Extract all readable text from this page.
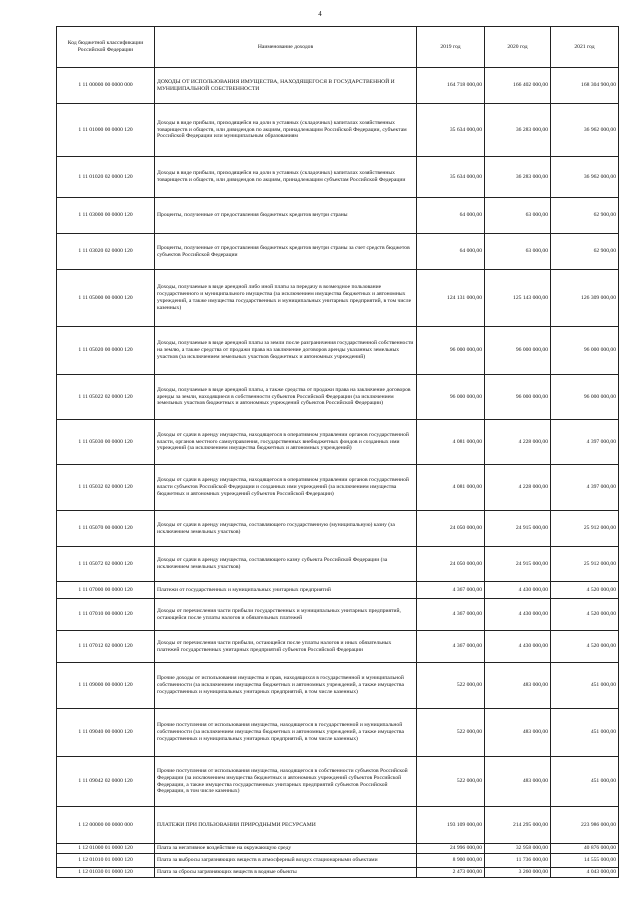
4
Код бюджетной классификации Российской Федерации	Наименование доходов	2019 год	2020 год	2021 год
1 11 00000 00 0000 000	ДОХОДЫ ОТ ИСПОЛЬЗОВАНИЯ ИМУЩЕСТВА, НАХОДЯЩЕГОСЯ В ГОСУДАРСТВЕННОЙ И МУНИЦИПАЛЬНОЙ СОБСТВЕННОСТИ	164 718 000,00	166 402 000,00	168 304 900,00
1 11 01000 00 0000 120	Доходы в виде прибыли, приходящейся на доли в уставных (складочных) капиталах хозяйственных товариществ и обществ, или дивидендов по акциям, принадлежащим Российской Федерации, субъектам Российской Федерации или муниципальным образованиям	35 634 000,00	36 283 000,00	36 962 000,00
1 11 01020 02 0000 120	Доходы в виде прибыли, приходящейся на доли в уставных (складочных) капиталах хозяйственных товариществ и обществ, или дивидендов по акциям, принадлежащим субъектам Российской Федерации	35 634 000,00	36 283 000,00	36 962 000,00
1 11 03000 00 0000 120	Проценты, полученные от предоставления бюджетных кредитов внутри страны	64 000,00	63 000,00	62 900,00
1 11 03020 02 0000 120	Проценты, полученные от предоставления бюджетных кредитов внутри страны за счет средств бюджетов субъектов Российской Федерации	64 000,00	63 000,00	62 900,00
1 11 05000 00 0000 120	Доходы, получаемые в виде арендной либо иной платы за передачу в возмездное пользование государственного и муниципального имущества (за исключением имущества бюджетных и автономных учреждений, а также имущества государственных и муниципальных унитарных предприятий, в том числе казенных)	124 131 000,00	125 143 000,00	126 309 000,00
1 11 05020 00 0000 120	Доходы, получаемые в виде арендной платы за земли после разграничения государственной собственности на землю, а также средства от продажи права на заключение договоров аренды указанных земельных участков (за исключением земельных участков бюджетных и автономных учреждений)	96 000 000,00	96 000 000,00	96 000 000,00
1 11 05022 02 0000 120	Доходы, получаемые в виде арендной платы, а также средства от продажи права на заключение договоров аренды за земли, находящиеся в собственности субъектов Российской Федерации (за исключением земельных участков бюджетных и автономных учреждений субъектов Российской Федерации)	96 000 000,00	96 000 000,00	96 000 000,00
1 11 05030 00 0000 120	Доходы от сдачи в аренду имущества, находящегося в оперативном управлении органов государственной власти, органов местного самоуправления, государственных внебюджетных фондов и созданных ими учреждений (за исключением имущества бюджетных и автономных учреждений)	4 081 000,00	4 228 000,00	4 397 000,00
1 11 05032 02 0000 120	Доходы от сдачи в аренду имущества, находящегося в оперативном управлении органов государственной власти субъектов Российской Федерации и созданных ими учреждений (за исключением имущества бюджетных и автономных учреждений субъектов Российской Федерации)	4 081 000,00	4 228 000,00	4 397 000,00
1 11 05070 00 0000 120	Доходы от сдачи в аренду имущества, составляющего государственную (муниципальную) казну (за исключением земельных участков)	24 050 000,00	24 915 000,00	25 912 000,00
1 11 05072 02 0000 120	Доходы от сдачи в аренду имущества, составляющего казну субъекта Российской Федерации (за исключением земельных участков)	24 050 000,00	24 915 000,00	25 912 000,00
1 11 07000 00 0000 120	Платежи от государственных и муниципальных унитарных предприятий	4 367 000,00	4 430 000,00	4 520 000,00
1 11 07010 00 0000 120	Доходы от перечисления части прибыли государственных и муниципальных унитарных предприятий, остающейся после уплаты налогов и обязательных платежей	4 367 000,00	4 430 000,00	4 520 000,00
1 11 07012 02 0000 120	Доходы от перечисления части прибыли, остающейся после уплаты налогов и иных обязательных платежей государственных унитарных предприятий субъектов Российской Федерации	4 367 000,00	4 430 000,00	4 520 000,00
1 11 09000 00 0000 120	Прочие доходы от использования имущества и прав, находящихся в государственной и муниципальной собственности (за исключением имущества бюджетных и автономных учреждений, а также имущества государственных и муниципальных унитарных предприятий, в том числе казенных)	522 000,00	483 000,00	451 000,00
1 11 09040 00 0000 120	Прочие поступления от использования имущества, находящегося в государственной и муниципальной собственности (за исключением имущества бюджетных и автономных учреждений, а также имущества государственных и муниципальных унитарных предприятий, в том числе казенных)	522 000,00	483 000,00	451 000,00
1 11 09042 02 0000 120	Прочие поступления от использования имущества, находящегося в собственности субъектов Российской Федерации (за исключением имущества бюджетных и автономных учреждений субъектов Российской Федерации, а также имущества государственных унитарных предприятий субъектов Российской Федерации, в том числе казенных)	522 000,00	483 000,00	451 000,00
1 12 00000 00 0000 000	ПЛАТЕЖИ ПРИ ПОЛЬЗОВАНИИ ПРИРОДНЫМИ РЕСУРСАМИ	193 109 000,00	214 295 000,00	223 986 000,00
1 12 01000 01 0000 120	Плата за негативное воздействие на окружающую среду	24 996 000,00	32 958 000,00	40 876 000,00
1 12 01010 01 0000 120	Плата за выбросы загрязняющих веществ в атмосферный воздух стационарными объектами	8 900 000,00	11 736 000,00	14 555 000,00
1 12 01030 01 0000 120	Плата за сбросы загрязняющих веществ в водные объекты	2 473 000,00	3 260 000,00	4 043 000,00
